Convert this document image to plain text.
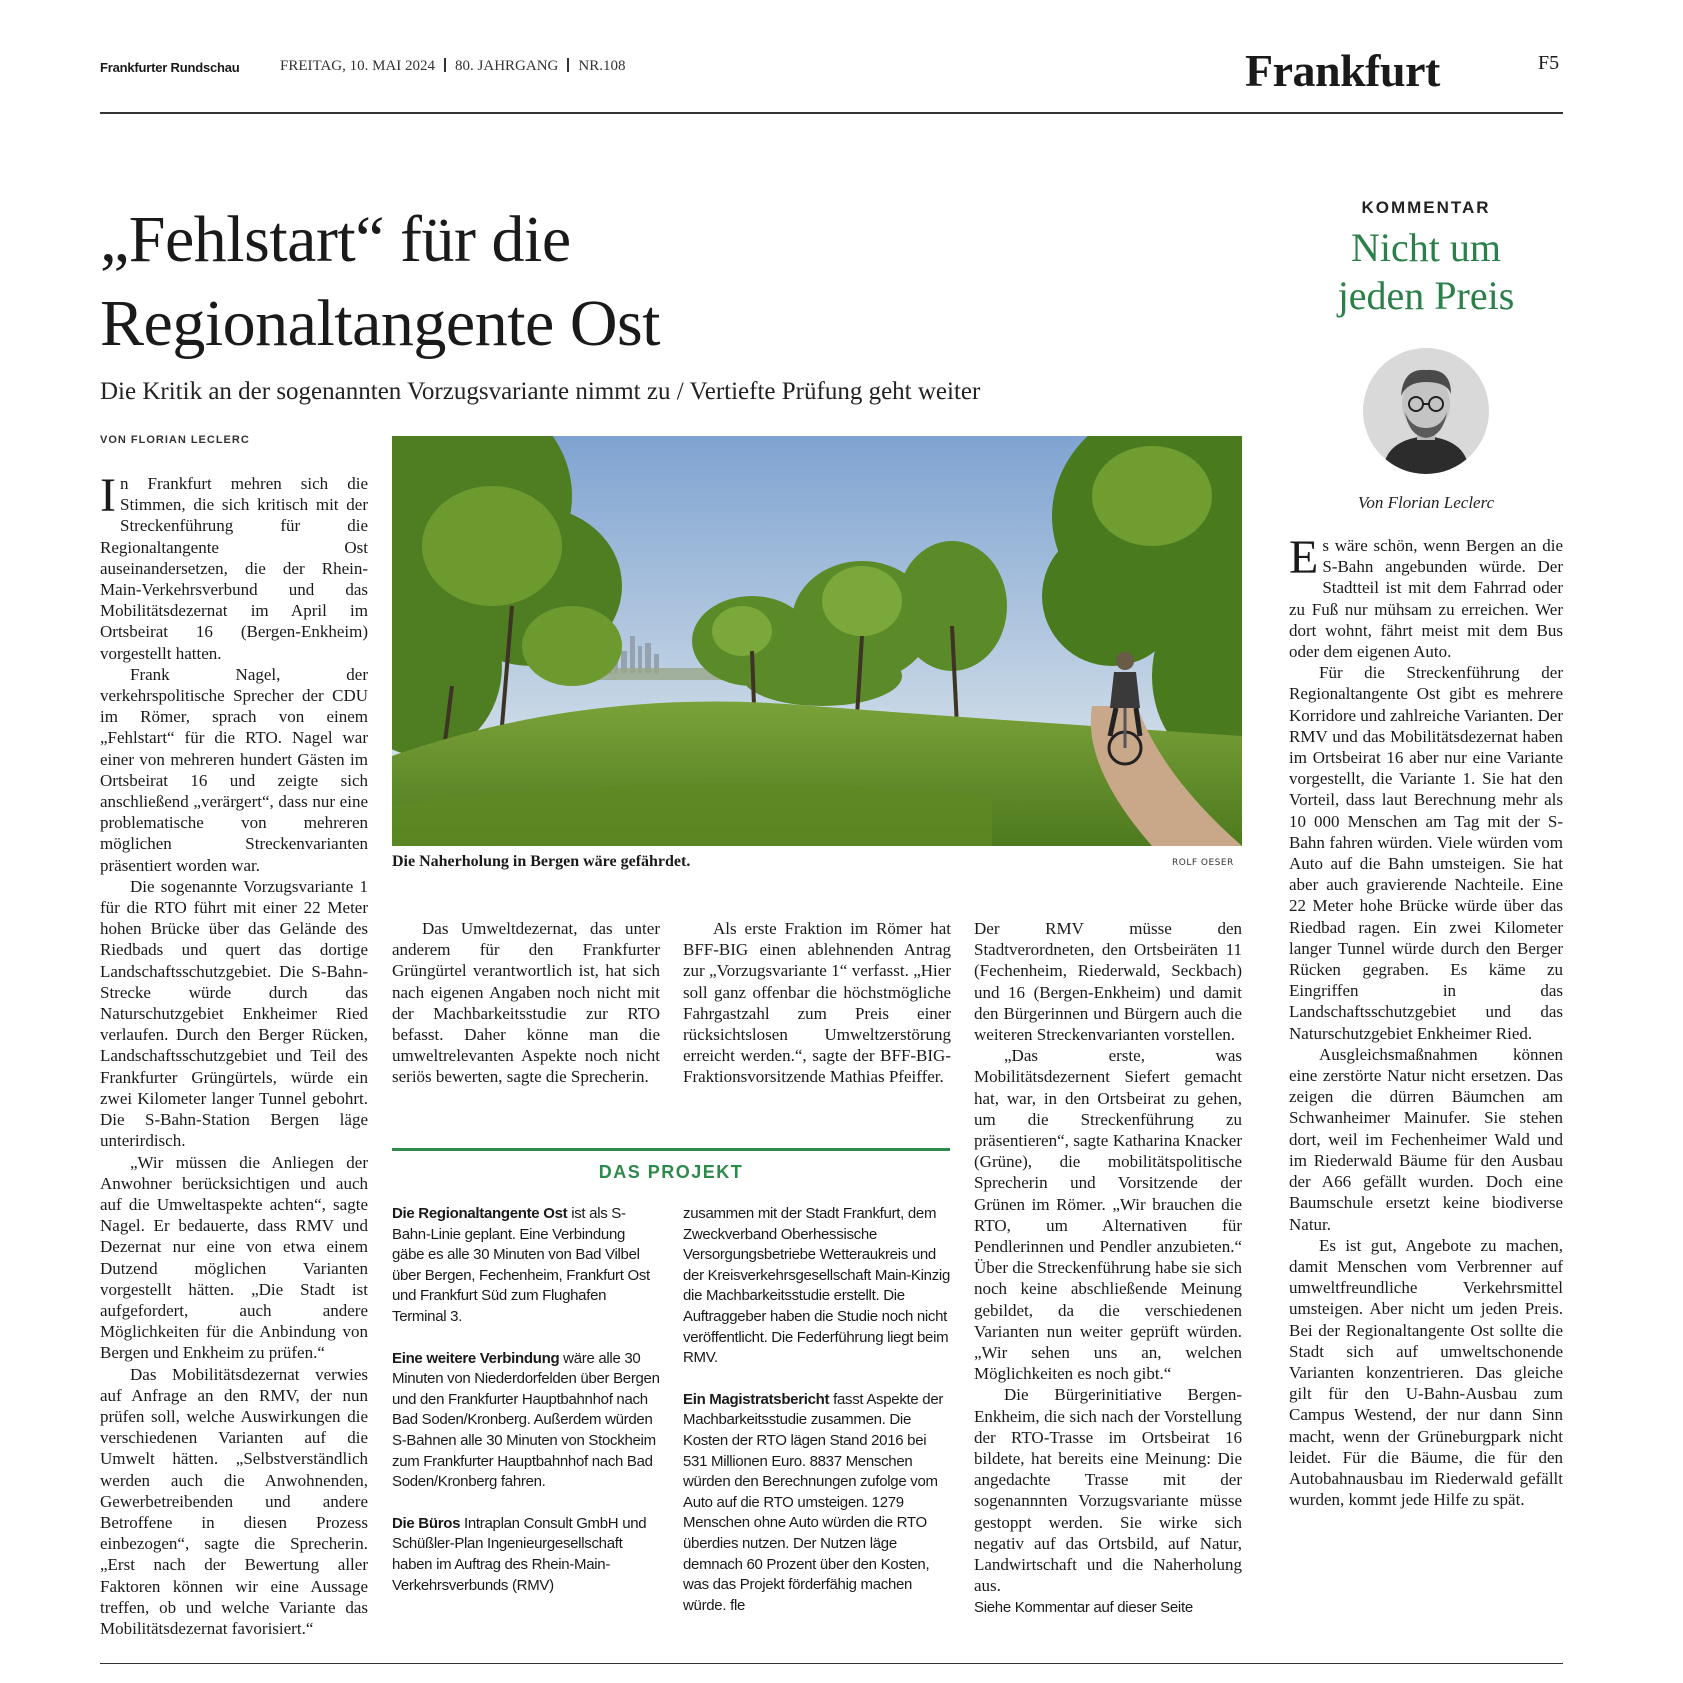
Frankfurter Rundschau	FREITAG, 10. MAI 2024 80. JAHRGANG NR.108	Frankfurt	F5
„Fehlstart“ für die
Regionaltangente Ost
Die Kritik an der sogenannten Vorzugsvariante nimmt zu / Vertiefte Prüfung geht weiter
VON FLORIAN LECLERC

In Frankfurt mehren sich die Stimmen, die sich kritisch mit der Streckenführung für die Regionaltangente Ost auseinandersetzen, die der Rhein-Main-Verkehrsverbund und das Mobilitätsdezernat im April im Ortsbeirat 16 (Bergen-Enkheim) vorgestellt hatten.

Frank Nagel, der verkehrspolitische Sprecher der CDU im Römer, sprach von einem „Fehlstart“ für die RTO. Nagel war einer von mehreren hundert Gästen im Ortsbeirat 16 und zeigte sich anschließend „verärgert“, dass nur eine problematische von mehreren möglichen Streckenvarianten präsentiert worden war.

Die sogenannte Vorzugsvariante 1 für die RTO führt mit einer 22 Meter hohen Brücke über das Gelände des Riedbads und quert das dortige Landschaftsschutzgebiet. Die S-Bahn-Strecke würde durch das Naturschutzgebiet Enkheimer Ried verlaufen. Durch den Berger Rücken, Landschaftsschutzgebiet und Teil des Frankfurter Grüngürtels, würde ein zwei Kilometer langer Tunnel gebohrt. Die S-Bahn-Station Bergen läge unterirdisch.

„Wir müssen die Anliegen der Anwohner berücksichtigen und auch auf die Umweltaspekte achten“, sagte Nagel. Er bedauerte, dass RMV und Dezernat nur eine von etwa einem Dutzend möglichen Varianten vorgestellt hätten. „Die Stadt ist aufgefordert, auch andere Möglichkeiten für die Anbindung von Bergen und Enkheim zu prüfen.“

Das Mobilitätsdezernat verwies auf Anfrage an den RMV, der nun prüfen soll, welche Auswirkungen die verschiedenen Varianten auf die Umwelt hätten. „Selbstverständlich werden auch die Anwohnenden, Gewerbetreibenden und andere Betroffene in diesen Prozess einbezogen“, sagte die Sprecherin. „Erst nach der Bewertung aller Faktoren können wir eine Aussage treffen, ob und welche Variante das Mobilitätsdezernat favorisiert.“

Die Naherholung in Bergen wäre gefährdet.	ROLF OESER

Das Umweltdezernat, das unter anderem für den Frankfurter Grüngürtel verantwortlich ist, hat sich nach eigenen Angaben noch nicht mit der Machbarkeitsstudie zur RTO befasst. Daher könne man die umweltrelevanten Aspekte noch nicht seriös bewerten, sagte die Sprecherin.

Als erste Fraktion im Römer hat BFF-BIG einen ablehnenden Antrag zur „Vorzugsvariante 1“ verfasst. „Hier soll ganz offenbar die höchstmögliche Fahrgastzahl zum Preis einer rücksichtslosen Umweltzerstörung erreicht werden.“, sagte der BFF-BIG-Fraktionsvorsitzende Mathias Pfeiffer.

Der RMV müsse den Stadtverordneten, den Ortsbeiräten 11 (Fechenheim, Riederwald, Seckbach) und 16 (Bergen-Enkheim) und damit den Bürgerinnen und Bürgern auch die weiteren Streckenvarianten vorstellen.

„Das erste, was Mobilitätsdezernent Siefert gemacht hat, war, in den Ortsbeirat zu gehen, um die Streckenführung zu präsentieren“, sagte Katharina Knacker (Grüne), die mobilitätspolitische Sprecherin und Vorsitzende der Grünen im Römer. „Wir brauchen die RTO, um Alternativen für Pendlerinnen und Pendler anzubieten.“ Über die Streckenführung habe sie sich noch keine abschließende Meinung gebildet, da die verschiedenen Varianten nun weiter geprüft würden. „Wir sehen uns an, welchen Möglichkeiten es noch gibt.“

Die Bürgerinitiative Bergen-Enkheim, die sich nach der Vorstellung der RTO-Trasse im Ortsbeirat 16 bildete, hat bereits eine Meinung: Die angedachte Trasse mit der sogenannnten Vorzugsvariante müsse gestoppt werden. Sie wirke sich negativ auf das Ortsbild, auf Natur, Landwirtschaft und die Naherholung aus.

Siehe Kommentar auf dieser Seite
DAS PROJEKT

Die Regionaltangente Ost ist als S-Bahn-Linie geplant. Eine Verbindung gäbe es alle 30 Minuten von Bad Vilbel über Bergen, Fechenheim, Frankfurt Ost und Frankfurt Süd zum Flughafen Terminal 3.

Eine weitere Verbindung wäre alle 30 Minuten von Niederdorfelden über Bergen und den Frankfurter Hauptbahnhof nach Bad Soden/Kronberg. Außerdem würden S-Bahnen alle 30 Minuten von Stockheim zum Frankfurter Hauptbahnhof nach Bad Soden/Kronberg fahren.

Die Büros Intraplan Consult GmbH und Schüßler-Plan Ingenieurgesellschaft haben im Auftrag des Rhein-Main-Verkehrsverbunds (RMV)

zusammen mit der Stadt Frankfurt, dem Zweckverband Oberhessische Versorgungsbetriebe Wetteraukreis und der Kreisverkehrsgesellschaft Main-Kinzig die Machbarkeitsstudie erstellt. Die Auftraggeber haben die Studie noch nicht veröffentlicht. Die Federführung liegt beim RMV.

Ein Magistratsbericht fasst Aspekte der Machbarkeitsstudie zusammen. Die Kosten der RTO lägen Stand 2016 bei 531 Millionen Euro. 8837 Menschen würden den Berechnungen zufolge vom Auto auf die RTO umsteigen. 1279 Menschen ohne Auto würden die RTO überdies nutzen. Der Nutzen läge demnach 60 Prozent über den Kosten, was das Projekt förderfähig machen würde. fle

KOMMENTAR
Nicht um
jeden Preis
Von Florian Leclerc

Es wäre schön, wenn Bergen an die S-Bahn angebunden würde. Der Stadtteil ist mit dem Fahrrad oder zu Fuß nur mühsam zu erreichen. Wer dort wohnt, fährt meist mit dem Bus oder dem eigenen Auto.

Für die Streckenführung der Regionaltangente Ost gibt es mehrere Korridore und zahlreiche Varianten. Der RMV und das Mobilitätsdezernat haben im Ortsbeirat 16 aber nur eine Variante vorgestellt, die Variante 1. Sie hat den Vorteil, dass laut Berechnung mehr als 10 000 Menschen am Tag mit der S-Bahn fahren würden. Viele würden vom Auto auf die Bahn umsteigen. Sie hat aber auch gravierende Nachteile. Eine 22 Meter hohe Brücke würde über das Riedbad ragen. Ein zwei Kilometer langer Tunnel würde durch den Berger Rücken gegraben. Es käme zu Eingriffen in das Landschaftsschutzgebiet und das Naturschutzgebiet Enkheimer Ried.

Ausgleichsmaßnahmen können eine zerstörte Natur nicht ersetzen. Das zeigen die dürren Bäumchen am Schwanheimer Mainufer. Sie stehen dort, weil im Fechenheimer Wald und im Riederwald Bäume für den Ausbau der A66 gefällt wurden. Doch eine Baumschule ersetzt keine biodiverse Natur.

Es ist gut, Angebote zu machen, damit Menschen vom Verbrenner auf umweltfreundliche Verkehrsmittel umsteigen. Aber nicht um jeden Preis. Bei der Regionaltangente Ost sollte die Stadt sich auf umweltschonende Varianten konzentrieren. Das gleiche gilt für den U-Bahn-Ausbau zum Campus Westend, der nur dann Sinn macht, wenn der Grüneburgpark nicht leidet. Für die Bäume, die für den Autobahnausbau im Riederwald gefällt wurden, kommt jede Hilfe zu spät.
